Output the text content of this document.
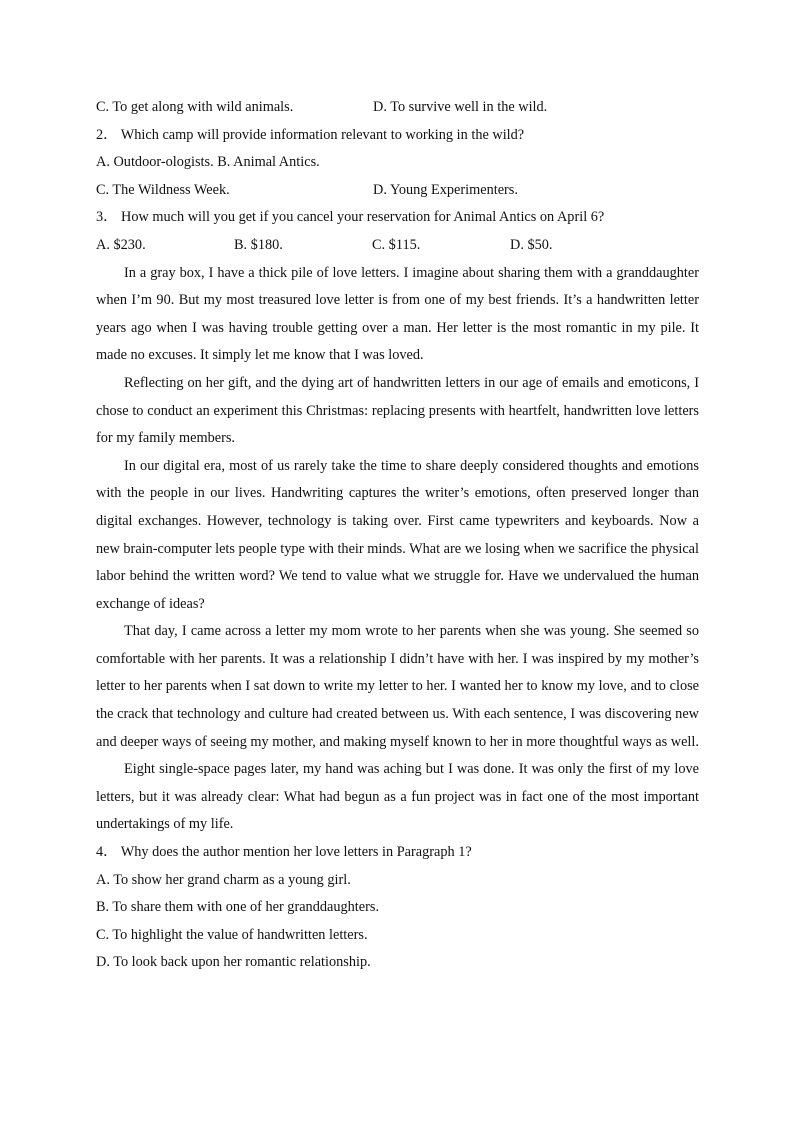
C. To get along with wild animals.	D. To survive well in the wild.
2． Which camp will provide information relevant to working in the wild?
A. Outdoor-ologists. B. Animal Antics.
C. The Wildness Week.	D. Young Experimenters.
3． How much will you get if you cancel your reservation for Animal Antics on April 6?
A. $230.	B. $180.	C. $115.	D. $50.

In a gray box, I have a thick pile of love letters. I imagine about sharing them with a granddaughter when I’m 90. But my most treasured love letter is from one of my best friends. It’s a handwritten letter years ago when I was having trouble getting over a man. Her letter is the most romantic in my pile. It made no excuses. It simply let me know that I was loved.

Reflecting on her gift, and the dying art of handwritten letters in our age of emails and emoticons, I chose to conduct an experiment this Christmas: replacing presents with heartfelt, handwritten love letters for my family members.

In our digital era, most of us rarely take the time to share deeply considered thoughts and emotions with the people in our lives. Handwriting captures the writer’s emotions, often preserved longer than digital exchanges. However, technology is taking over. First came typewriters and keyboards. Now a new brain-computer lets people type with their minds. What are we losing when we sacrifice the physical labor behind the written word? We tend to value what we struggle for. Have we undervalued the human exchange of ideas?

That day, I came across a letter my mom wrote to her parents when she was young. She seemed so comfortable with her parents. It was a relationship I didn’t have with her. I was inspired by my mother’s letter to her parents when I sat down to write my letter to her. I wanted her to know my love, and to close the crack that technology and culture had created between us. With each sentence, I was discovering new and deeper ways of seeing my mother, and making myself known to her in more thoughtful ways as well.

Eight single-space pages later, my hand was aching but I was done. It was only the first of my love letters, but it was already clear: What had begun as a fun project was in fact one of the most important undertakings of my life.

4． Why does the author mention her love letters in Paragraph 1?
A. To show her grand charm as a young girl.
B. To share them with one of her granddaughters.
C. To highlight the value of handwritten letters.
D. To look back upon her romantic relationship.
